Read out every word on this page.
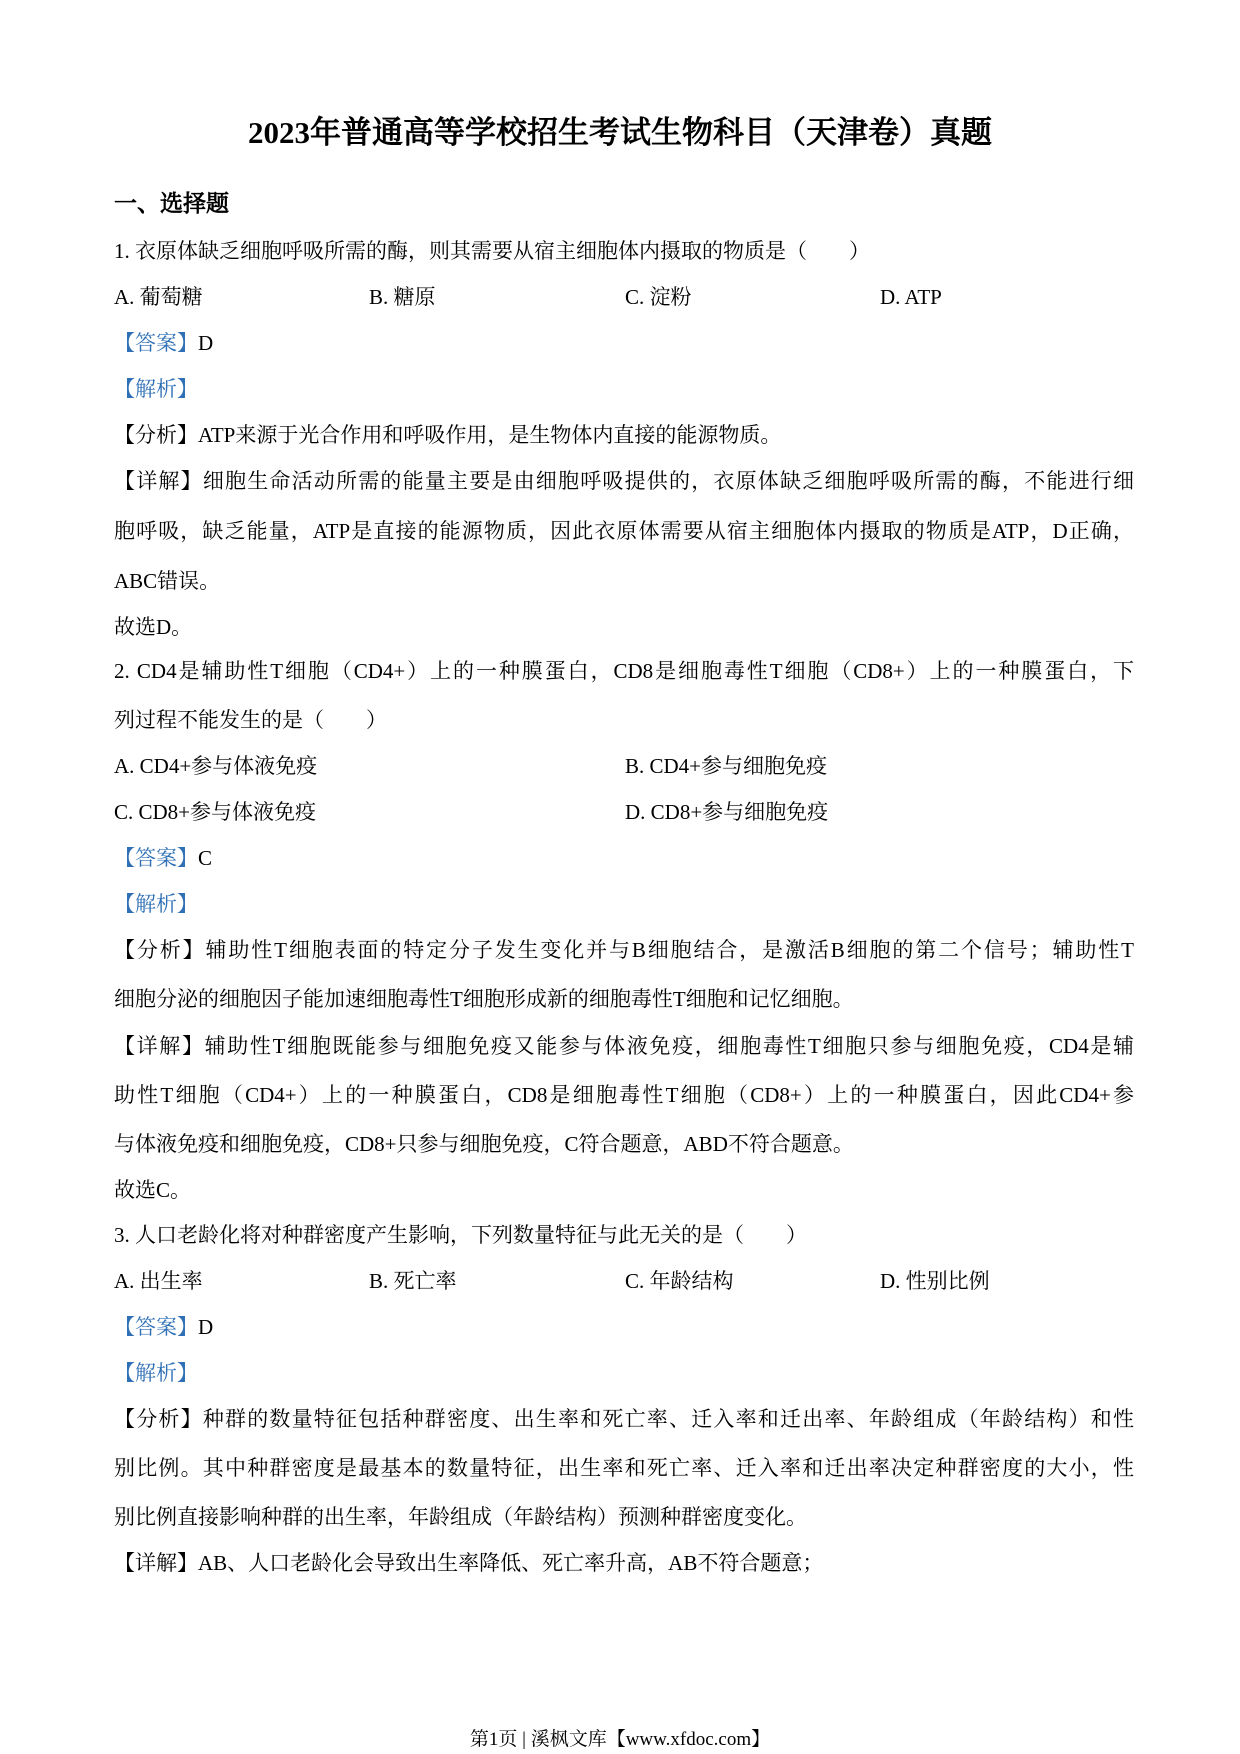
2023年普通高等学校招生考试生物科目（天津卷）真题
一、选择题
1. 衣原体缺乏细胞呼吸所需的酶，则其需要从宿主细胞体内摄取的物质是（　　）
A. 葡萄糖	B. 糖原	C. 淀粉	D. ATP
【答案】D
【解析】
【分析】ATP来源于光合作用和呼吸作用，是生物体内直接的能源物质。
【详解】细胞生命活动所需的能量主要是由细胞呼吸提供的，衣原体缺乏细胞呼吸所需的酶，不能进行细
胞呼吸，缺乏能量，ATP是直接的能源物质，因此衣原体需要从宿主细胞体内摄取的物质是ATP，D正确，
ABC错误。
故选D。
2. CD4是辅助性T细胞（CD4+）上的一种膜蛋白，CD8是细胞毒性T细胞（CD8+）上的一种膜蛋白，下
列过程不能发生的是（　　）
A. CD4+参与体液免疫	B. CD4+参与细胞免疫
C. CD8+参与体液免疫	D. CD8+参与细胞免疫
【答案】C
【解析】
【分析】辅助性T细胞表面的特定分子发生变化并与B细胞结合，是激活B细胞的第二个信号；辅助性T
细胞分泌的细胞因子能加速细胞毒性T细胞形成新的细胞毒性T细胞和记忆细胞。
【详解】辅助性T细胞既能参与细胞免疫又能参与体液免疫，细胞毒性T细胞只参与细胞免疫，CD4是辅
助性T细胞（CD4+）上的一种膜蛋白，CD8是细胞毒性T细胞（CD8+）上的一种膜蛋白，因此CD4+参
与体液免疫和细胞免疫，CD8+只参与细胞免疫，C符合题意，ABD不符合题意。
故选C。
3. 人口老龄化将对种群密度产生影响，下列数量特征与此无关的是（　　）
A. 出生率	B. 死亡率	C. 年龄结构	D. 性别比例
【答案】D
【解析】
【分析】种群的数量特征包括种群密度、出生率和死亡率、迁入率和迁出率、年龄组成（年龄结构）和性
别比例。其中种群密度是最基本的数量特征，出生率和死亡率、迁入率和迁出率决定种群密度的大小，性
别比例直接影响种群的出生率，年龄组成（年龄结构）预测种群密度变化。
【详解】AB、人口老龄化会导致出生率降低、死亡率升高，AB不符合题意；
第1页 | 溪枫文库【www.xfdoc.com】
